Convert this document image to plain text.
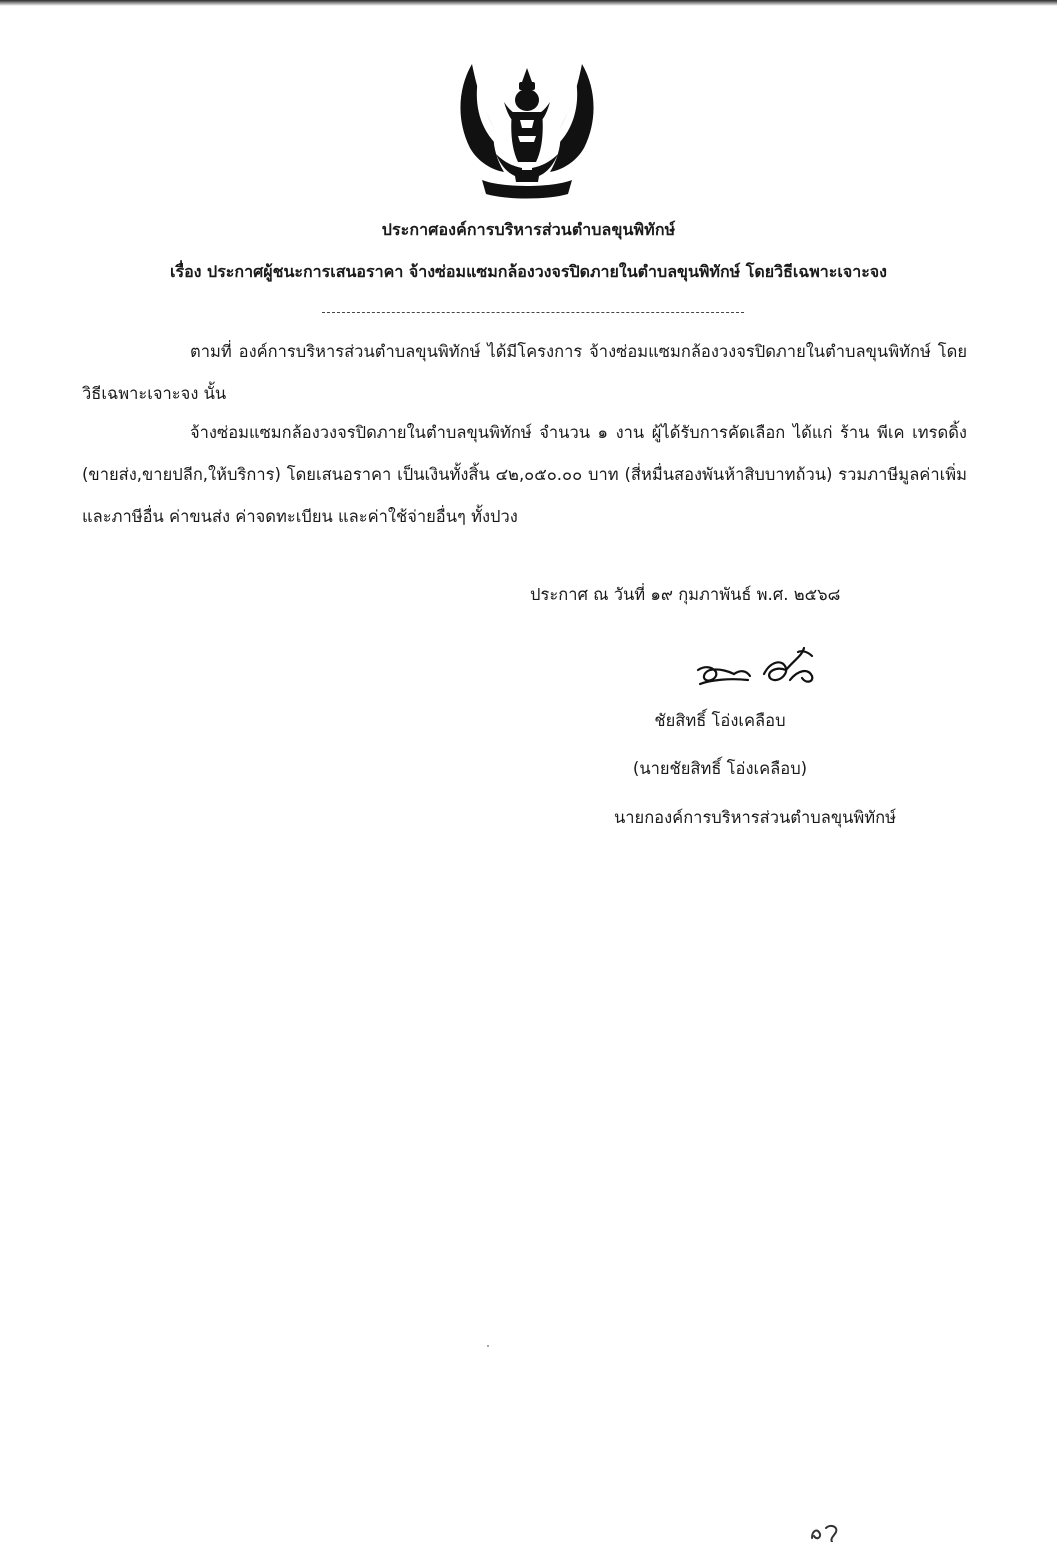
ประกาศองค์การบริหารส่วนตำบลขุนพิทักษ์
เรื่อง ประกาศผู้ชนะการเสนอราคา จ้างซ่อมแซมกล้องวงจรปิดภายในตำบลขุนพิทักษ์ โดยวิธีเฉพาะเจาะจง
ตามที่ องค์การบริหารส่วนตำบลขุนพิทักษ์ ได้มีโครงการ จ้างซ่อมแซมกล้องวงจรปิดภายในตำบลขุนพิทักษ์ โดยวิธีเฉพาะเจาะจง นั้น
จ้างซ่อมแซมกล้องวงจรปิดภายในตำบลขุนพิทักษ์ จำนวน ๑ งาน ผู้ได้รับการคัดเลือก ได้แก่ ร้าน พีเค เทรดดิ้ง (ขายส่ง,ขายปลีก,ให้บริการ) โดยเสนอราคา เป็นเงินทั้งสิ้น ๔๒,๐๕๐.๐๐ บาท (สี่หมื่นสองพันห้าสิบบาทถ้วน) รวมภาษีมูลค่าเพิ่มและภาษีอื่น ค่าขนส่ง ค่าจดทะเบียน และค่าใช้จ่ายอื่นๆ ทั้งปวง
ประกาศ ณ วันที่ ๑๙ กุมภาพันธ์ พ.ศ. ๒๕๖๘
ชัยสิทธิ์ โอ่งเคลือบ
(นายชัยสิทธิ์ โอ่งเคลือบ)
นายกองค์การบริหารส่วนตำบลขุนพิทักษ์
